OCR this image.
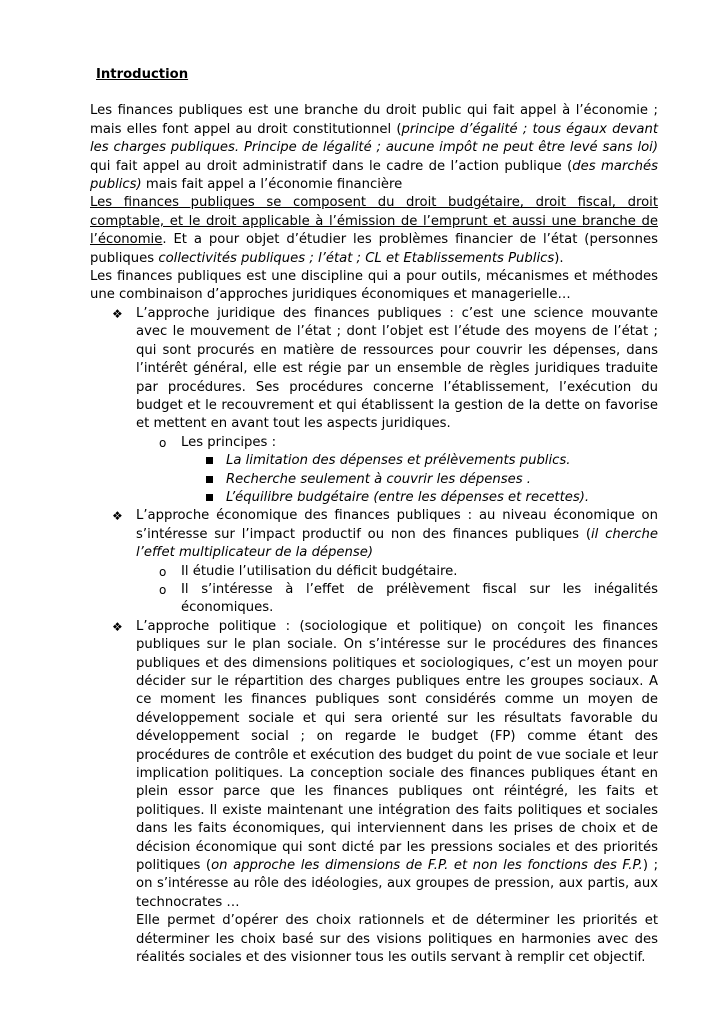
Introduction

Les finances publiques est une branche du droit public qui fait appel à l’économie ; mais elles font appel au droit constitutionnel (principe d’égalité ; tous égaux devant les charges publiques. Principe de légalité ; aucune impôt ne peut être levé sans loi) qui fait appel au droit administratif dans le cadre de l’action publique (des marchés publics) mais fait appel a l’économie financière

Les finances publiques se composent du droit budgétaire, droit fiscal, droit comptable, et le droit applicable à l’émission de l’emprunt et aussi une branche de l’économie. Et a pour objet d’étudier les problèmes financier de l’état (personnes publiques collectivités publiques ; l’état ; CL et Etablissements Publics).

Les finances publiques est une discipline qui a pour outils, mécanismes et méthodes une combinaison d’approches juridiques économiques et managerielle…

❖ L’approche juridique des finances publiques : c’est une science mouvante avec le mouvement de l’état ; dont l’objet est l’étude des moyens de l’état ; qui sont procurés en matière de ressources pour couvrir les dépenses, dans l’intérêt général, elle est régie par un ensemble de règles juridiques traduite par procédures. Ses procédures concerne l’établissement, l’exécution du budget et le recouvrement et qui établissent la gestion de la dette on favorise et mettent en avant tout les aspects juridiques.
o Les principes :
La limitation des dépenses et prélèvements publics.
Recherche seulement à couvrir les dépenses .
L’équilibre budgétaire (entre les dépenses et recettes).
❖ L’approche économique des finances publiques : au niveau économique on s’intéresse sur l’impact productif ou non des finances publiques (il cherche l’effet multiplicateur de la dépense)
o Il étudie l’utilisation du déficit budgétaire.
o Il s’intéresse à l’effet de prélèvement fiscal sur les inégalités économiques.
❖ L’approche politique : (sociologique et politique) on conçoit les finances publiques sur le plan sociale. On s’intéresse sur le procédures des finances publiques et des dimensions politiques et sociologiques, c’est un moyen pour décider sur le répartition des charges publiques entre les groupes sociaux. A ce moment les finances publiques sont considérés comme un moyen de développement sociale et qui sera orienté sur les résultats favorable du développement social ; on regarde le budget (FP) comme étant des procédures de contrôle et exécution des budget du point de vue sociale et leur implication politiques. La conception sociale des finances publiques étant en plein essor parce que les finances publiques ont réintégré, les faits et politiques. Il existe maintenant une intégration des faits politiques et sociales dans les faits économiques, qui interviennent dans les prises de choix et de décision économique qui sont dicté par les pressions sociales et des priorités politiques (on approche les dimensions de F.P. et non les fonctions des F.P.) ; on s’intéresse au rôle des idéologies, aux groupes de pression, aux partis, aux technocrates …
Elle permet d’opérer des choix rationnels et de déterminer les priorités et déterminer les choix basé sur des visions politiques en harmonies avec des réalités sociales et des visionner tous les outils servant à remplir cet objectif.
